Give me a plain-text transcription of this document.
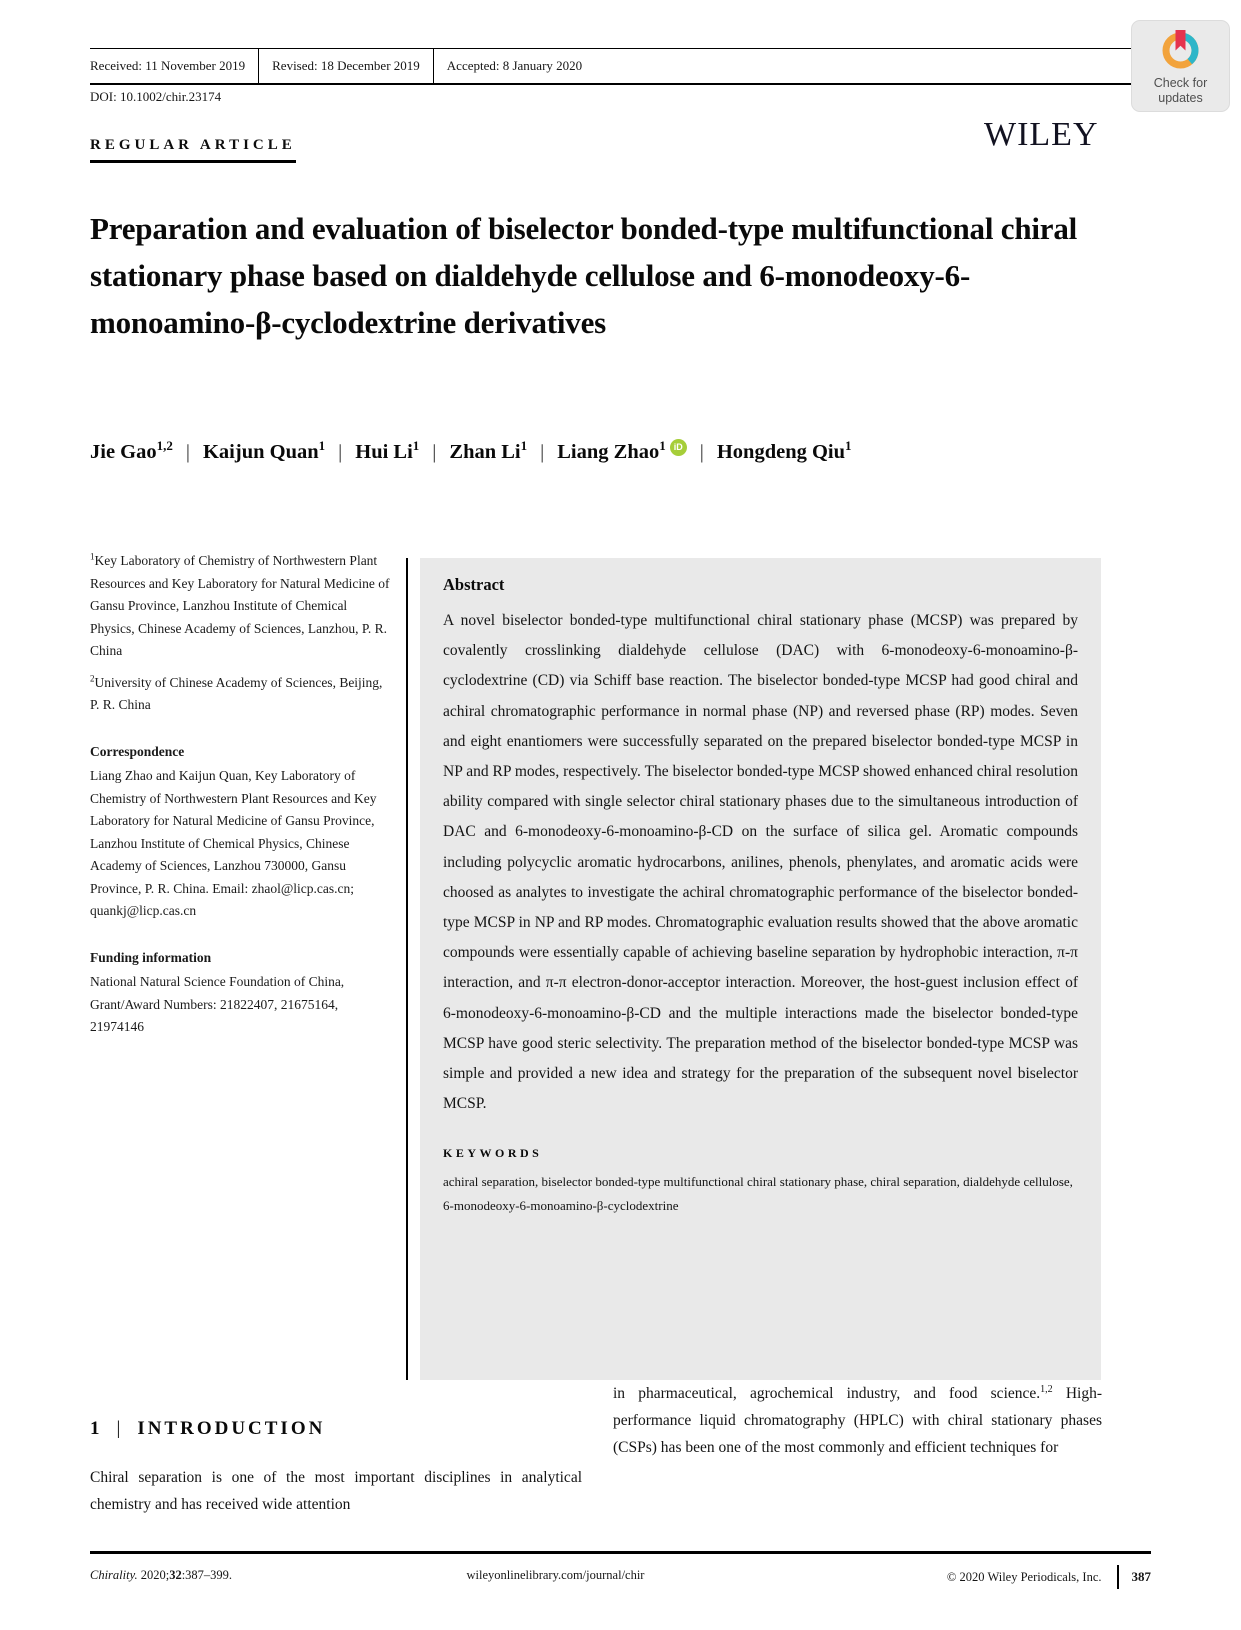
Received: 11 November 2019	Revised: 18 December 2019	Accepted: 8 January 2020
DOI: 10.1002/chir.23174
Check for updates
REGULAR ARTICLE	WILEY
Preparation and evaluation of biselector bonded-type multifunctional chiral stationary phase based on dialdehyde cellulose and 6-monodeoxy-6-monoamino-β-cyclodextrine derivatives
Jie Gao$^{1,2}$ | Kaijun Quan$^1$ | Hui Li$^1$ | Zhan Li$^1$ | Liang Zhao$^1$ iD | Hongdeng Qiu$^1$

$^1$Key Laboratory of Chemistry of Northwestern Plant Resources and Key Laboratory for Natural Medicine of Gansu Province, Lanzhou Institute of Chemical Physics, Chinese Academy of Sciences, Lanzhou, P. R. China

$^2$University of Chinese Academy of Sciences, Beijing, P. R. China

Correspondence

Liang Zhao and Kaijun Quan, Key Laboratory of Chemistry of Northwestern Plant Resources and Key Laboratory for Natural Medicine of Gansu Province, Lanzhou Institute of Chemical Physics, Chinese Academy of Sciences, Lanzhou 730000, Gansu Province, P. R. China. Email: zhaol@licp.cas.cn; quankj@licp.cas.cn

Funding information

National Natural Science Foundation of China, Grant/Award Numbers: 21822407, 21675164, 21974146

Abstract

A novel biselector bonded-type multifunctional chiral stationary phase (MCSP) was prepared by covalently crosslinking dialdehyde cellulose (DAC) with 6-monodeoxy-6-monoamino-β-cyclodextrine (CD) via Schiff base reaction. The biselector bonded-type MCSP had good chiral and achiral chromatographic performance in normal phase (NP) and reversed phase (RP) modes. Seven and eight enantiomers were successfully separated on the prepared biselector bonded-type MCSP in NP and RP modes, respectively. The biselector bonded-type MCSP showed enhanced chiral resolution ability compared with single selector chiral stationary phases due to the simultaneous introduction of DAC and 6-monodeoxy-6-monoamino-β-CD on the surface of silica gel. Aromatic compounds including polycyclic aromatic hydrocarbons, anilines, phenols, phenylates, and aromatic acids were choosed as analytes to investigate the achiral chromatographic performance of the biselector bonded-type MCSP in NP and RP modes. Chromatographic evaluation results showed that the above aromatic compounds were essentially capable of achieving baseline separation by hydrophobic interaction, π-π interaction, and π-π electron-donor-acceptor interaction. Moreover, the host-guest inclusion effect of 6-monodeoxy-6-monoamino-β-CD and the multiple interactions made the biselector bonded-type MCSP have good steric selectivity. The preparation method of the biselector bonded-type MCSP was simple and provided a new idea and strategy for the preparation of the subsequent novel biselector MCSP.

KEYWORDS

achiral separation, biselector bonded-type multifunctional chiral stationary phase, chiral separation, dialdehyde cellulose, 6-monodeoxy-6-monoamino-β-cyclodextrine

1 | INTRODUCTION

Chiral separation is one of the most important disciplines in analytical chemistry and has received wide attention

in pharmaceutical, agrochemical industry, and food science.$^{1,2}$ High-performance liquid chromatography (HPLC) with chiral stationary phases (CSPs) has been one of the most commonly and efficient techniques for

Chirality. 2020;32:387–399.	wileyonlinelibrary.com/journal/chir	© 2020 Wiley Periodicals, Inc. 387
